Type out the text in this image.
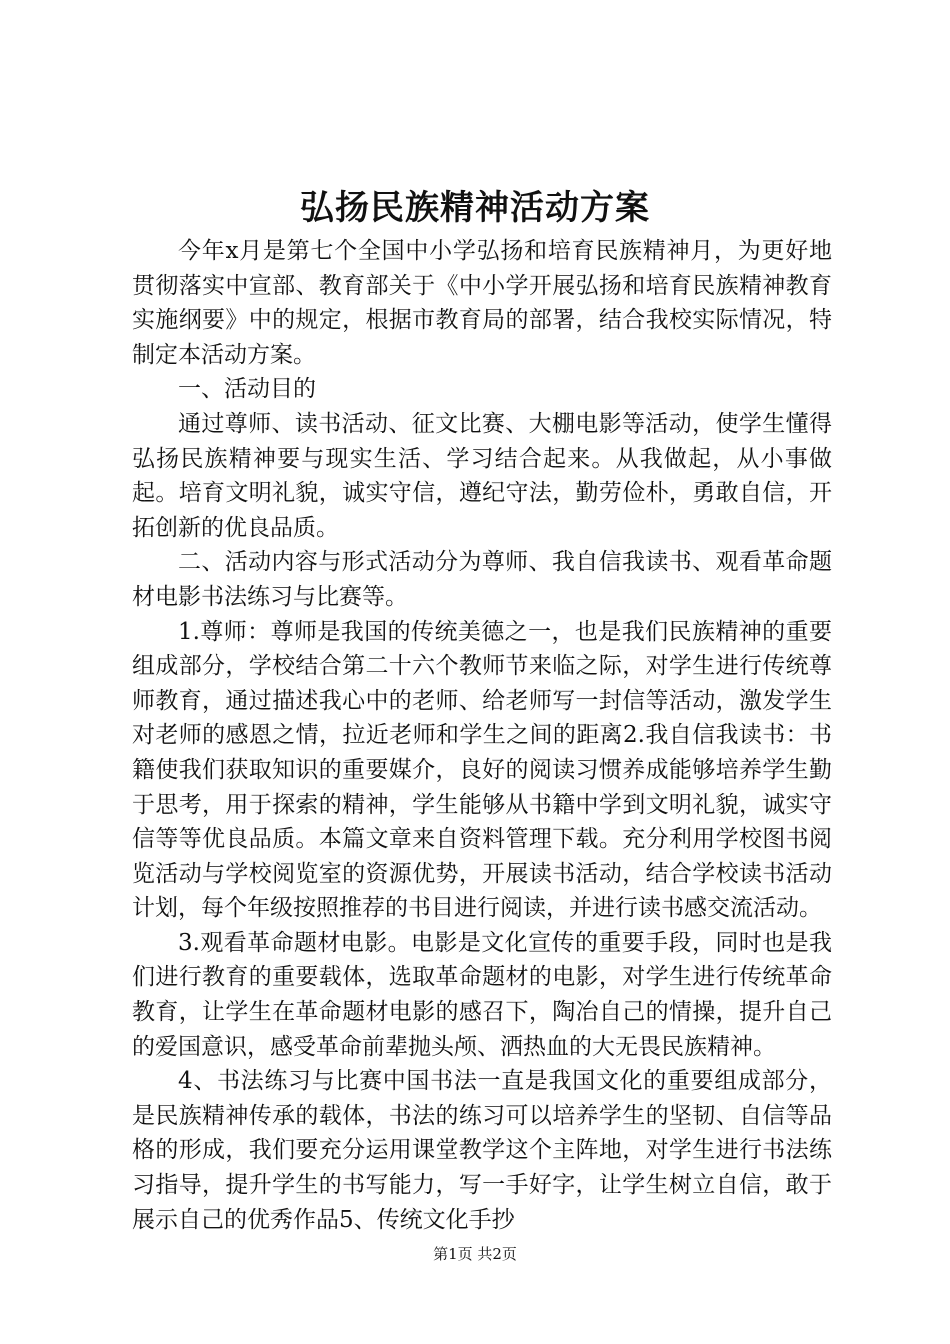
弘扬民族精神活动方案

今年x月是第七个全国中小学弘扬和培育民族精神月，为更好地贯彻落实中宣部、教育部关于《中小学开展弘扬和培育民族精神教育实施纲要》中的规定，根据市教育局的部署，结合我校实际情况，特制定本活动方案。

一、活动目的

通过尊师、读书活动、征文比赛、大棚电影等活动，使学生懂得弘扬民族精神要与现实生活、学习结合起来。从我做起，从小事做起。培育文明礼貌，诚实守信，遵纪守法，勤劳俭朴，勇敢自信，开拓创新的优良品质。

二、活动内容与形式活动分为尊师、我自信我读书、观看革命题材电影书法练习与比赛等。

1.尊师：尊师是我国的传统美德之一，也是我们民族精神的重要组成部分，学校结合第二十六个教师节来临之际，对学生进行传统尊师教育，通过描述我心中的老师、给老师写一封信等活动，激发学生对老师的感恩之情，拉近老师和学生之间的距离2.我自信我读书：书籍使我们获取知识的重要媒介，良好的阅读习惯养成能够培养学生勤于思考，用于探索的精神，学生能够从书籍中学到文明礼貌，诚实守信等等优良品质。本篇文章来自资料管理下载。充分利用学校图书阅览活动与学校阅览室的资源优势，开展读书活动，结合学校读书活动计划，每个年级按照推荐的书目进行阅读，并进行读书感交流活动。

3.观看革命题材电影。电影是文化宣传的重要手段，同时也是我们进行教育的重要载体，选取革命题材的电影，对学生进行传统革命教育，让学生在革命题材电影的感召下，陶冶自己的情操，提升自己的爱国意识，感受革命前辈抛头颅、洒热血的大无畏民族精神。

4、书法练习与比赛中国书法一直是我国文化的重要组成部分，是民族精神传承的载体，书法的练习可以培养学生的坚韧、自信等品格的形成，我们要充分运用课堂教学这个主阵地，对学生进行书法练习指导，提升学生的书写能力，写一手好字，让学生树立自信，敢于展示自己的优秀作品5、传统文化手抄

第1页 共2页
